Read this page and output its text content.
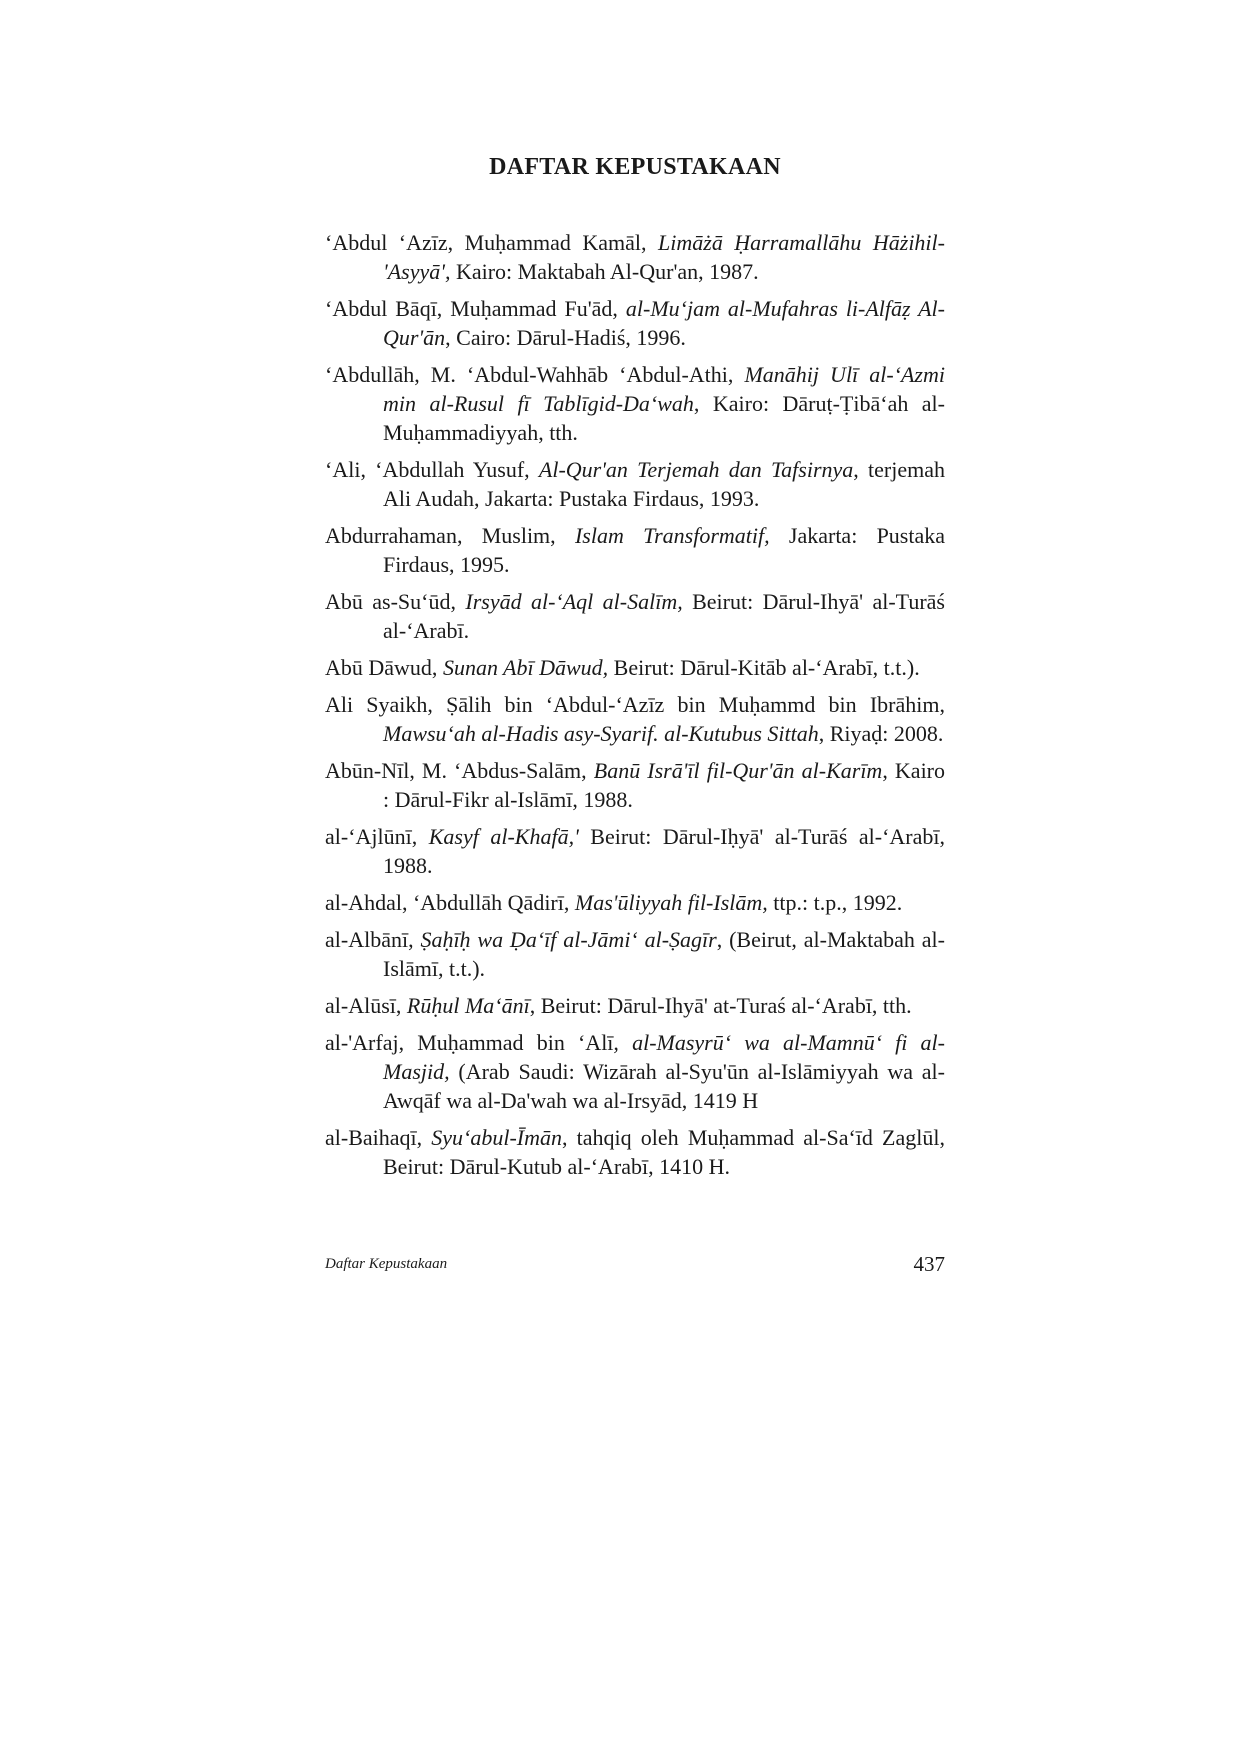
DAFTAR KEPUSTAKAAN
‘Abdul ‘Azīz, Muḥammad Kamāl, Limāżā Ḥarramallāhu Hāżihil-'Asyyā', Kairo: Maktabah Al-Qur'an, 1987.
‘Abdul Bāqī, Muḥammad Fu'ād, al-Mu‘jam al-Mufahras li-Alfāẓ Al-Qur'ān, Cairo: Dārul-Hadiś, 1996.
‘Abdullāh, M. ‘Abdul-Wahhāb ‘Abdul-Athi, Manāhij Ulī al-‘Azmi min al-Rusul fī Tablīgid-Da‘wah, Kairo: Dāruṭ-Ṭibā‘ah al-Muḥammadiyyah, tth.
‘Ali, ‘Abdullah Yusuf, Al-Qur'an Terjemah dan Tafsirnya, terjemah Ali Audah, Jakarta: Pustaka Firdaus, 1993.
Abdurrahaman, Muslim, Islam Transformatif, Jakarta: Pustaka Firdaus, 1995.
Abū as-Su‘ūd, Irsyād al-‘Aql al-Salīm, Beirut: Dārul-Ihyā' al-Turāś al-‘Arabī.
Abū Dāwud, Sunan Abī Dāwud, Beirut: Dārul-Kitāb al-‘Arabī, t.t.).
Ali Syaikh, Ṣālih bin ‘Abdul-‘Azīz bin Muḥammd bin Ibrāhim, Mawsu‘ah al-Hadis asy-Syarif. al-Kutubus Sittah, Riyaḍ: 2008.
Abūn-Nīl, M. ‘Abdus-Salām, Banū Isrā'īl fil-Qur'ān al-Karīm, Kairo : Dārul-Fikr al-Islāmī, 1988.
al-‘Ajlūnī, Kasyf al-Khafā,' Beirut: Dārul-Iḥyā' al-Turāś al-‘Arabī, 1988.
al-Ahdal, ‘Abdullāh Qādirī, Mas'ūliyyah fil-Islām, ttp.: t.p., 1992.
al-Albānī, Ṣaḥīḥ wa Ḍa‘īf al-Jāmi‘ al-Ṣagīr, (Beirut, al-Maktabah al-Islāmī, t.t.).
al-Alūsī, Rūḥul Ma‘ānī, Beirut: Dārul-Ihyā' at-Turaś al-‘Arabī, tth.
al-'Arfaj, Muḥammad bin ‘Alī, al-Masyrū‘ wa al-Mamnū‘ fi al-Masjid, (Arab Saudi: Wizārah al-Syu'ūn al-Islāmiyyah wa al-Awqāf wa al-Da'wah wa al-Irsyād, 1419 H
al-Baihaqī, Syu‘abul-Īmān, tahqiq oleh Muḥammad al-Sa‘īd Zaglūl, Beirut: Dārul-Kutub al-‘Arabī, 1410 H.
Daftar Kepustakaan	437
